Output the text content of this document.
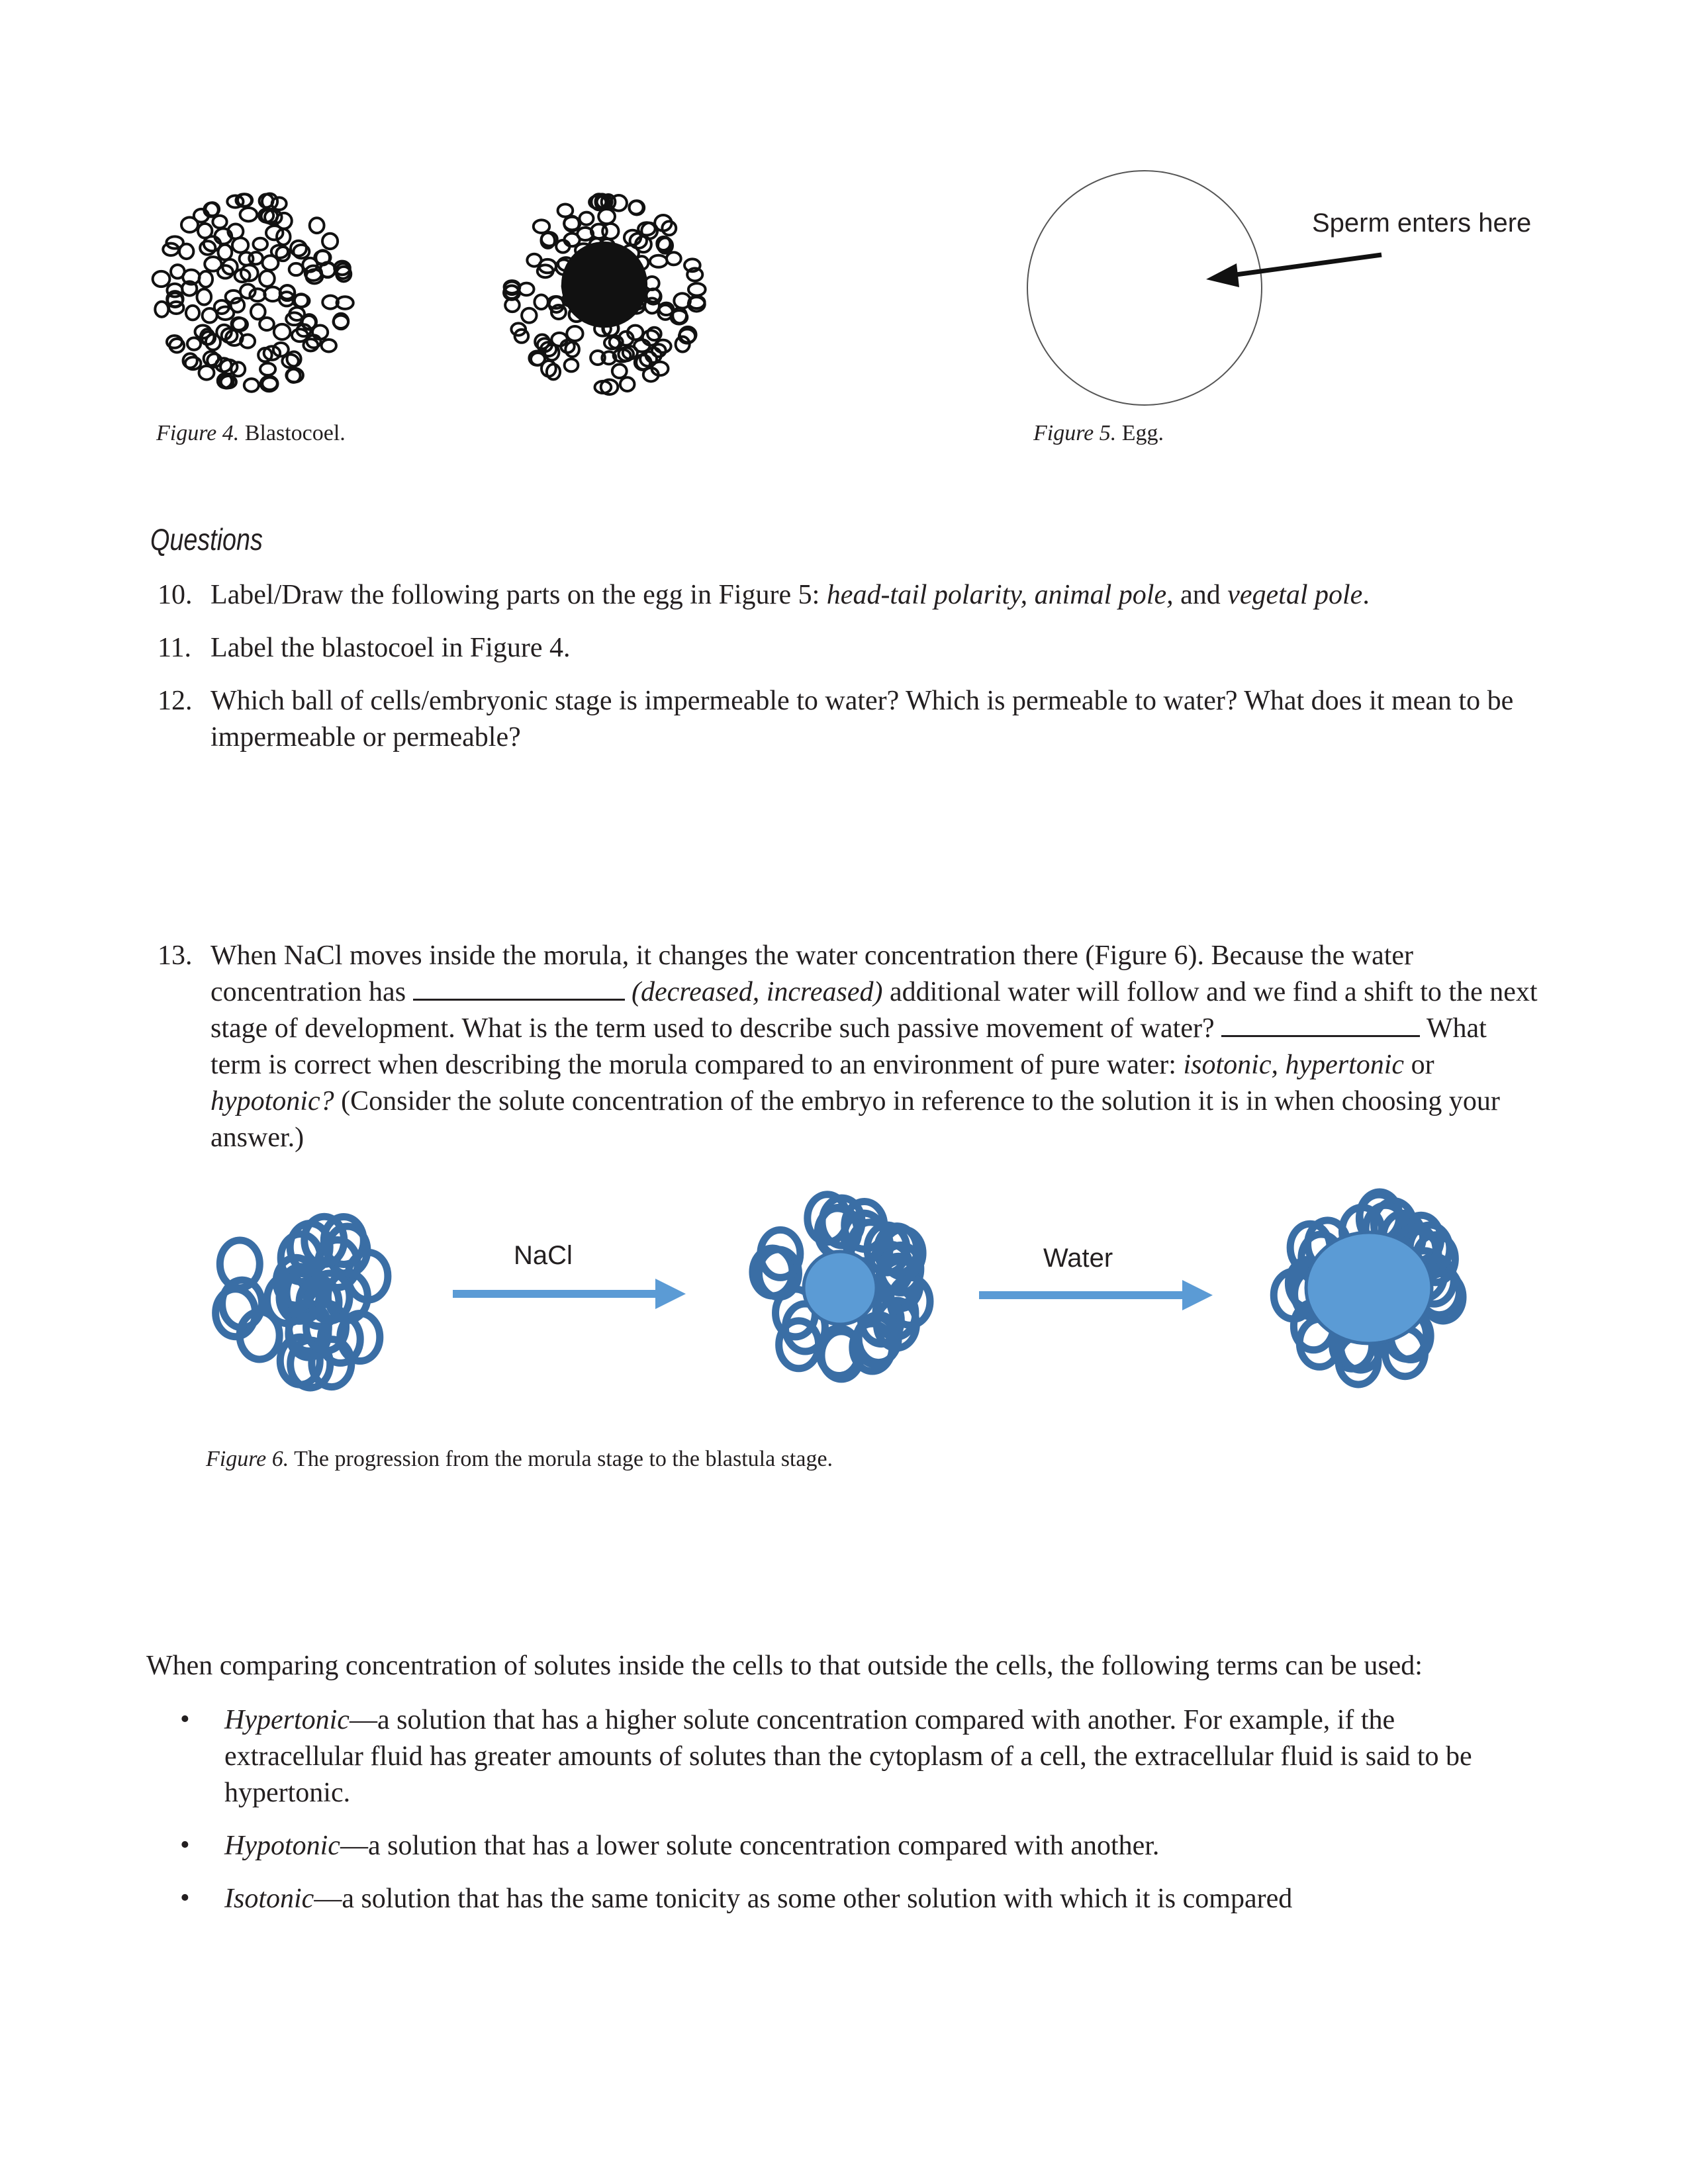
Figure 4. Blastocoel.	Figure 5. Egg.
Sperm enters here
Questions
10. Label/Draw the following parts on the egg in Figure 5: head-tail polarity, animal pole, and vegetal pole.
11. Label the blastocoel in Figure 4.
12. Which ball of cells/embryonic stage is impermeable to water? Which is permeable to water? What does it mean to be impermeable or permeable?
13. When NaCl moves inside the morula, it changes the water concentration there (Figure 6). Because the water concentration has	(decreased, increased) additional water will follow and we find a shift to the next stage of development. What is the term used to describe such passive movement of water?	What term is correct when describing the morula compared to an environment of pure water: isotonic, hypertonic or hypotonic? (Consider the solute concentration of the embryo in reference to the solution it is in when choosing your answer.)
NaCl	Water
Figure 6. The progression from the morula stage to the blastula stage.
When comparing concentration of solutes inside the cells to that outside the cells, the following terms can be used:
• Hypertonic—a solution that has a higher solute concentration compared with another. For example, if the extracellular fluid has greater amounts of solutes than the cytoplasm of a cell, the extracellular fluid is said to be hypertonic.
• Hypotonic—a solution that has a lower solute concentration compared with another.
• Isotonic—a solution that has the same tonicity as some other solution with which it is compared
